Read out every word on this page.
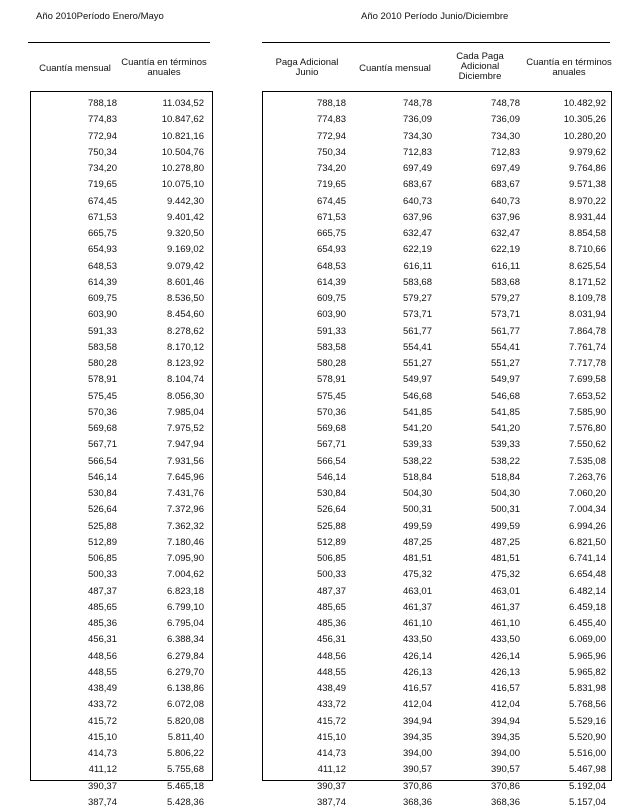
Año 2010Período Enero/Mayo
Cuantía mensual
Cuantía en términos anuales
788,18
774,83
772,94
750,34
734,20
719,65
674,45
671,53
665,75
654,93
648,53
614,39
609,75
603,90
591,33
583,58
580,28
578,91
575,45
570,36
569,68
567,71
566,54
546,14
530,84
526,64
525,88
512,89
506,85
500,33
487,37
485,65
485,36
456,31
448,56
448,55
438,49
433,72
415,72
415,10
414,73
411,12
390,37
387,74
11.034,52
10.847,62
10.821,16
10.504,76
10.278,80
10.075,10
9.442,30
9.401,42
9.320,50
9.169,02
9.079,42
8.601,46
8.536,50
8.454,60
8.278,62
8.170,12
8.123,92
8.104,74
8.056,30
7.985,04
7.975,52
7.947,94
7.931,56
7.645,96
7.431,76
7.372,96
7.362,32
7.180,46
7.095,90
7.004,62
6.823,18
6.799,10
6.795,04
6.388,34
6.279,84
6.279,70
6.138,86
6.072,08
5.820,08
5.811,40
5.806,22
5.755,68
5.465,18
5.428,36
Año 2010 Período Junio/Diciembre
Paga Adicional Junio	Cuantía mensual
Cada Paga Adicional Diciembre
Cuantía en términos anuales
788,18
774,83
772,94
750,34
734,20
719,65
674,45
671,53
665,75
654,93
648,53
614,39
609,75
603,90
591,33
583,58
580,28
578,91
575,45
570,36
569,68
567,71
566,54
546,14
530,84
526,64
525,88
512,89
506,85
500,33
487,37
485,65
485,36
456,31
448,56
448,55
438,49
433,72
415,72
415,10
414,73
411,12
390,37
387,74
748,78
736,09
734,30
712,83
697,49
683,67
640,73
637,96
632,47
622,19
616,11
583,68
579,27
573,71
561,77
554,41
551,27
549,97
546,68
541,85
541,20
539,33
538,22
518,84
504,30
500,31
499,59
487,25
481,51
475,32
463,01
461,37
461,10
433,50
426,14
426,13
416,57
412,04
394,94
394,35
394,00
390,57
370,86
368,36
748,78
736,09
734,30
712,83
697,49
683,67
640,73
637,96
632,47
622,19
616,11
583,68
579,27
573,71
561,77
554,41
551,27
549,97
546,68
541,85
541,20
539,33
538,22
518,84
504,30
500,31
499,59
487,25
481,51
475,32
463,01
461,37
461,10
433,50
426,14
426,13
416,57
412,04
394,94
394,35
394,00
390,57
370,86
368,36
10.482,92
10.305,26
10.280,20
9.979,62
9.764,86
9.571,38
8.970,22
8.931,44
8.854,58
8.710,66
8.625,54
8.171,52
8.109,78
8.031,94
7.864,78
7.761,74
7.717,78
7.699,58
7.653,52
7.585,90
7.576,80
7.550,62
7.535,08
7.263,76
7.060,20
7.004,34
6.994,26
6.821,50
6.741,14
6.654,48
6.482,14
6.459,18
6.455,40
6.069,00
5.965,96
5.965,82
5.831,98
5.768,56
5.529,16
5.520,90
5.516,00
5.467,98
5.192,04
5.157,04
